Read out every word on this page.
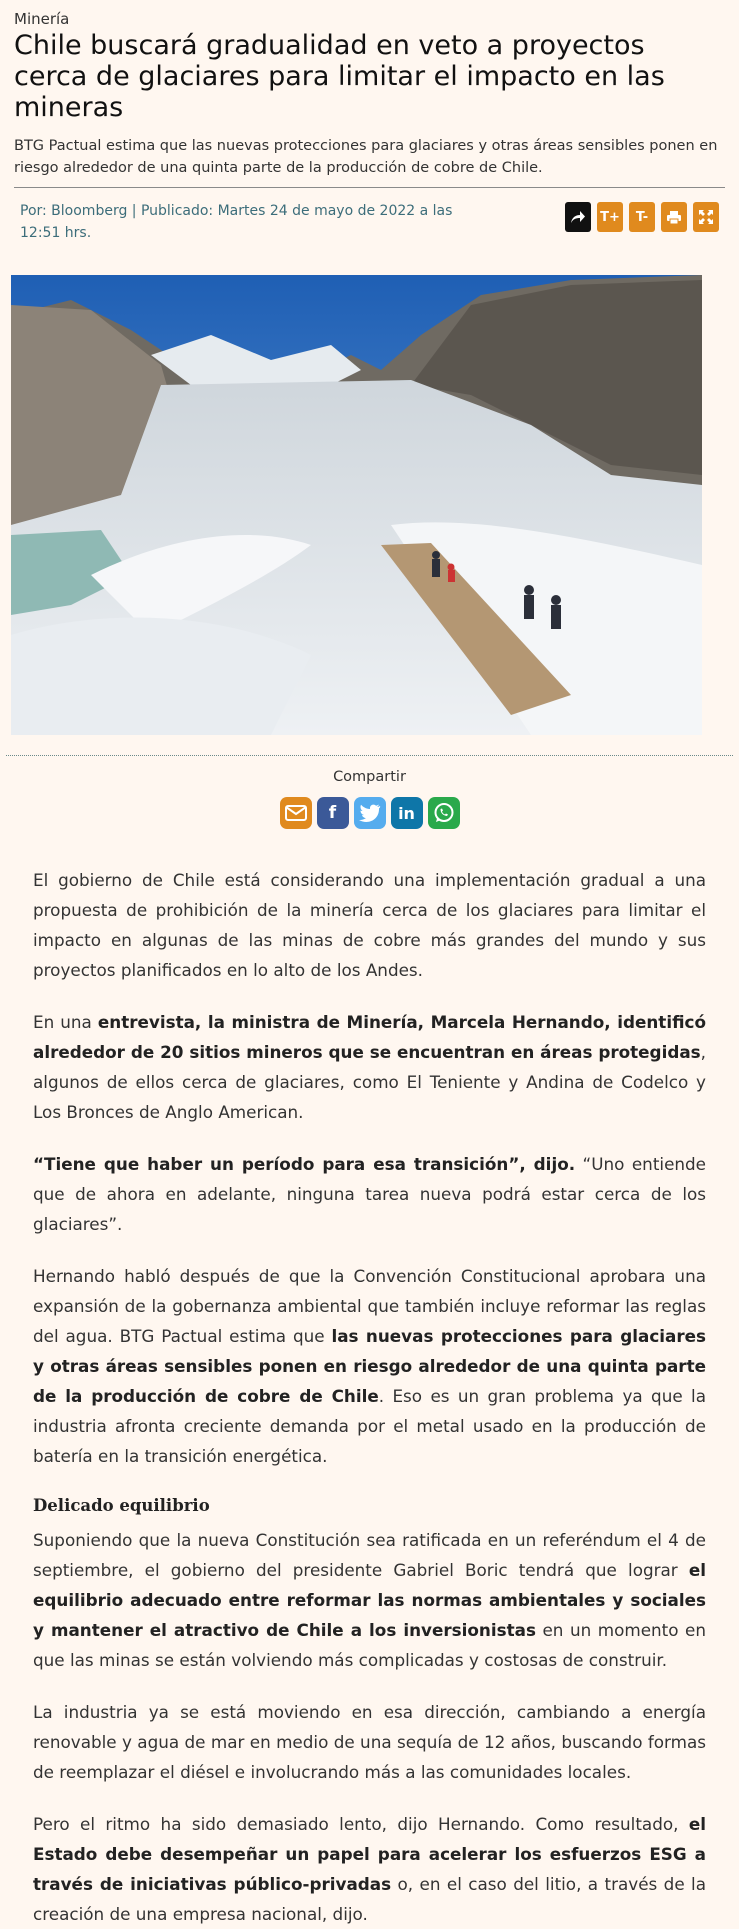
Minería
Chile buscará gradualidad en veto a proyectos cerca de glaciares para limitar el impacto en las mineras
BTG Pactual estima que las nuevas protecciones para glaciares y otras áreas sensibles ponen en riesgo alrededor de una quinta parte de la producción de cobre de Chile.
Por: Bloomberg | Publicado: Martes 24 de mayo de 2022 a las 12:51 hrs.
T+	T-
Compartir
f	in

El gobierno de Chile está considerando una implementación gradual a una propuesta de prohibición de la minería cerca de los glaciares para limitar el impacto en algunas de las minas de cobre más grandes del mundo y sus proyectos planificados en lo alto de los Andes.

En una entrevista, la ministra de Minería, Marcela Hernando, identificó alrededor de 20 sitios mineros que se encuentran en áreas protegidas, algunos de ellos cerca de glaciares, como El Teniente y Andina de Codelco y Los Bronces de Anglo American.

“Tiene que haber un período para esa transición”, dijo. “Uno entiende que de ahora en adelante, ninguna tarea nueva podrá estar cerca de los glaciares”.

Hernando habló después de que la Convención Constitucional aprobara una expansión de la gobernanza ambiental que también incluye reformar las reglas del agua. BTG Pactual estima que las nuevas protecciones para glaciares y otras áreas sensibles ponen en riesgo alrededor de una quinta parte de la producción de cobre de Chile. Eso es un gran problema ya que la industria afronta creciente demanda por el metal usado en la producción de batería en la transición energética.

Delicado equilibrio

Suponiendo que la nueva Constitución sea ratificada en un referéndum el 4 de septiembre, el gobierno del presidente Gabriel Boric tendrá que lograr el equilibrio adecuado entre reformar las normas ambientales y sociales y mantener el atractivo de Chile a los inversionistas en un momento en que las minas se están volviendo más complicadas y costosas de construir.

La industria ya se está moviendo en esa dirección, cambiando a energía renovable y agua de mar en medio de una sequía de 12 años, buscando formas de reemplazar el diésel e involucrando más a las comunidades locales.

Pero el ritmo ha sido demasiado lento, dijo Hernando. Como resultado, el Estado debe desempeñar un papel para acelerar los esfuerzos ESG a través de iniciativas público-privadas o, en el caso del litio, a través de la creación de una empresa nacional, dijo.
